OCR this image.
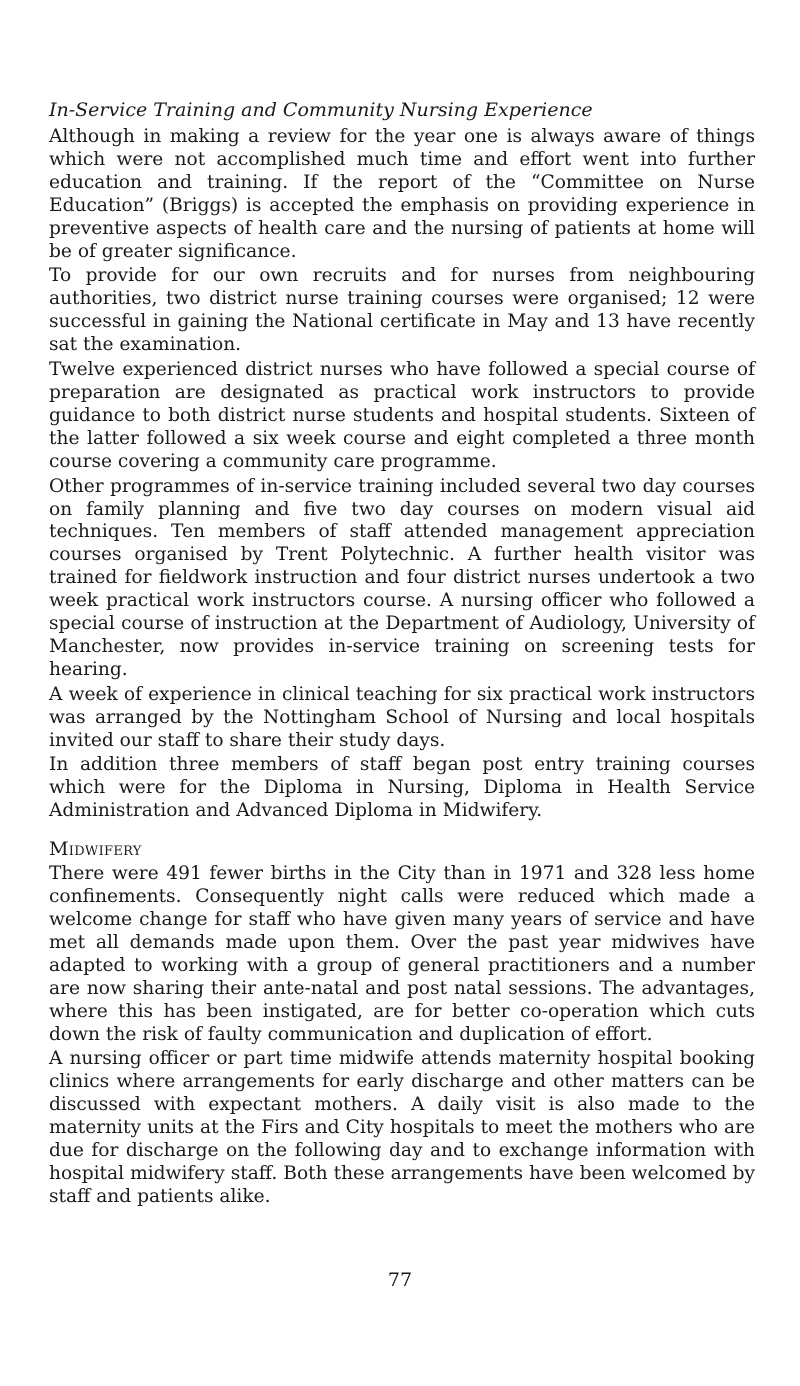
In-Service Training and Community Nursing Experience

Although in making a review for the year one is always aware of things which were not accomplished much time and effort went into further education and training. If the report of the “Committee on Nurse Education” (Briggs) is accepted the emphasis on providing experience in preventive aspects of health care and the nursing of patients at home will be of greater significance.

To provide for our own recruits and for nurses from neighbouring authorities, two district nurse training courses were organised; 12 were successful in gaining the National certificate in May and 13 have recently sat the examination.

Twelve experienced district nurses who have followed a special course of preparation are designated as practical work instructors to provide guidance to both district nurse students and hospital students. Sixteen of the latter followed a six week course and eight completed a three month course covering a community care programme.

Other programmes of in-service training included several two day courses on family planning and five two day courses on modern visual aid techniques. Ten members of staff attended management appreciation courses organised by Trent Polytechnic. A further health visitor was trained for fieldwork instruction and four district nurses undertook a two week practical work instructors course. A nursing officer who followed a special course of instruction at the Department of Audiology, University of Manchester, now provides in-service training on screening tests for hearing.

A week of experience in clinical teaching for six practical work instructors was arranged by the Nottingham School of Nursing and local hospitals invited our staff to share their study days.

In addition three members of staff began post entry training courses which were for the Diploma in Nursing, Diploma in Health Service Administration and Advanced Diploma in Midwifery.

Midwifery

There were 491 fewer births in the City than in 1971 and 328 less home confinements. Consequently night calls were reduced which made a welcome change for staff who have given many years of service and have met all demands made upon them. Over the past year midwives have adapted to working with a group of general practitioners and a number are now sharing their ante-natal and post natal sessions. The advantages, where this has been instigated, are for better co-operation which cuts down the risk of faulty communication and duplication of effort.

A nursing officer or part time midwife attends maternity hospital booking clinics where arrangements for early discharge and other matters can be discussed with expectant mothers. A daily visit is also made to the maternity units at the Firs and City hospitals to meet the mothers who are due for discharge on the following day and to exchange information with hospital midwifery staff. Both these arrangements have been welcomed by staff and patients alike.

77
